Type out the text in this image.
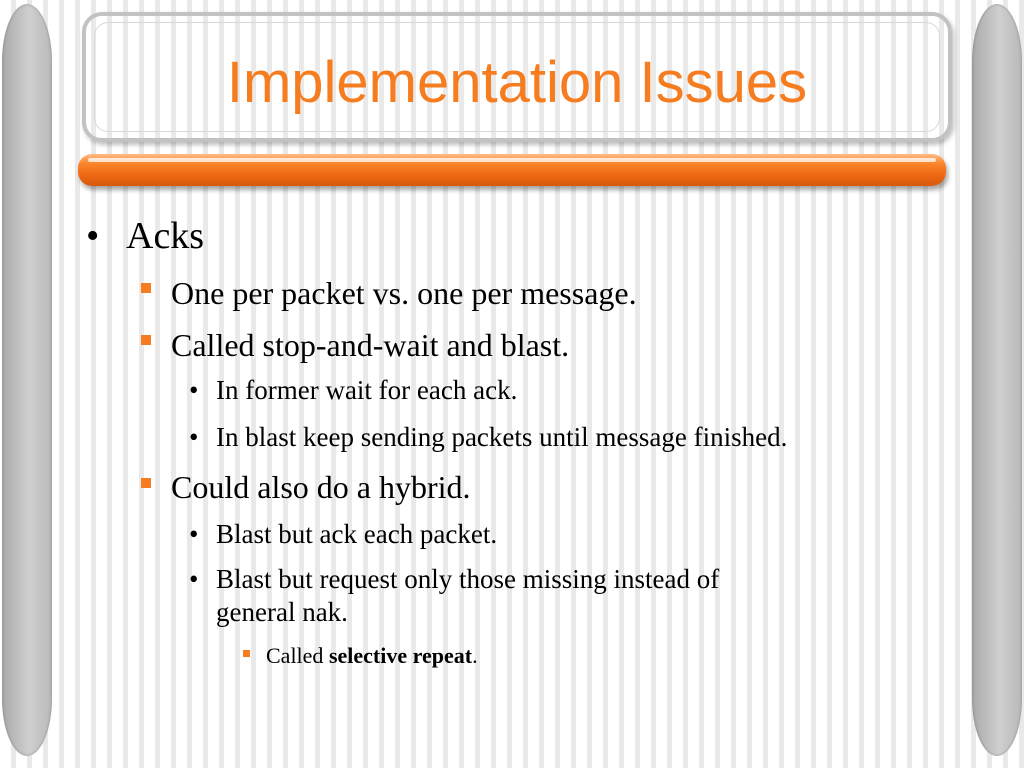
Implementation Issues
• Acks
One per packet vs. one per message.
Called stop-and-wait and blast.
• In former wait for each ack.
• In blast keep sending packets until message finished.
Could also do a hybrid.
• Blast but ack each packet.
• Blast but request only those missing instead of
general nak.
Called selective repeat.
